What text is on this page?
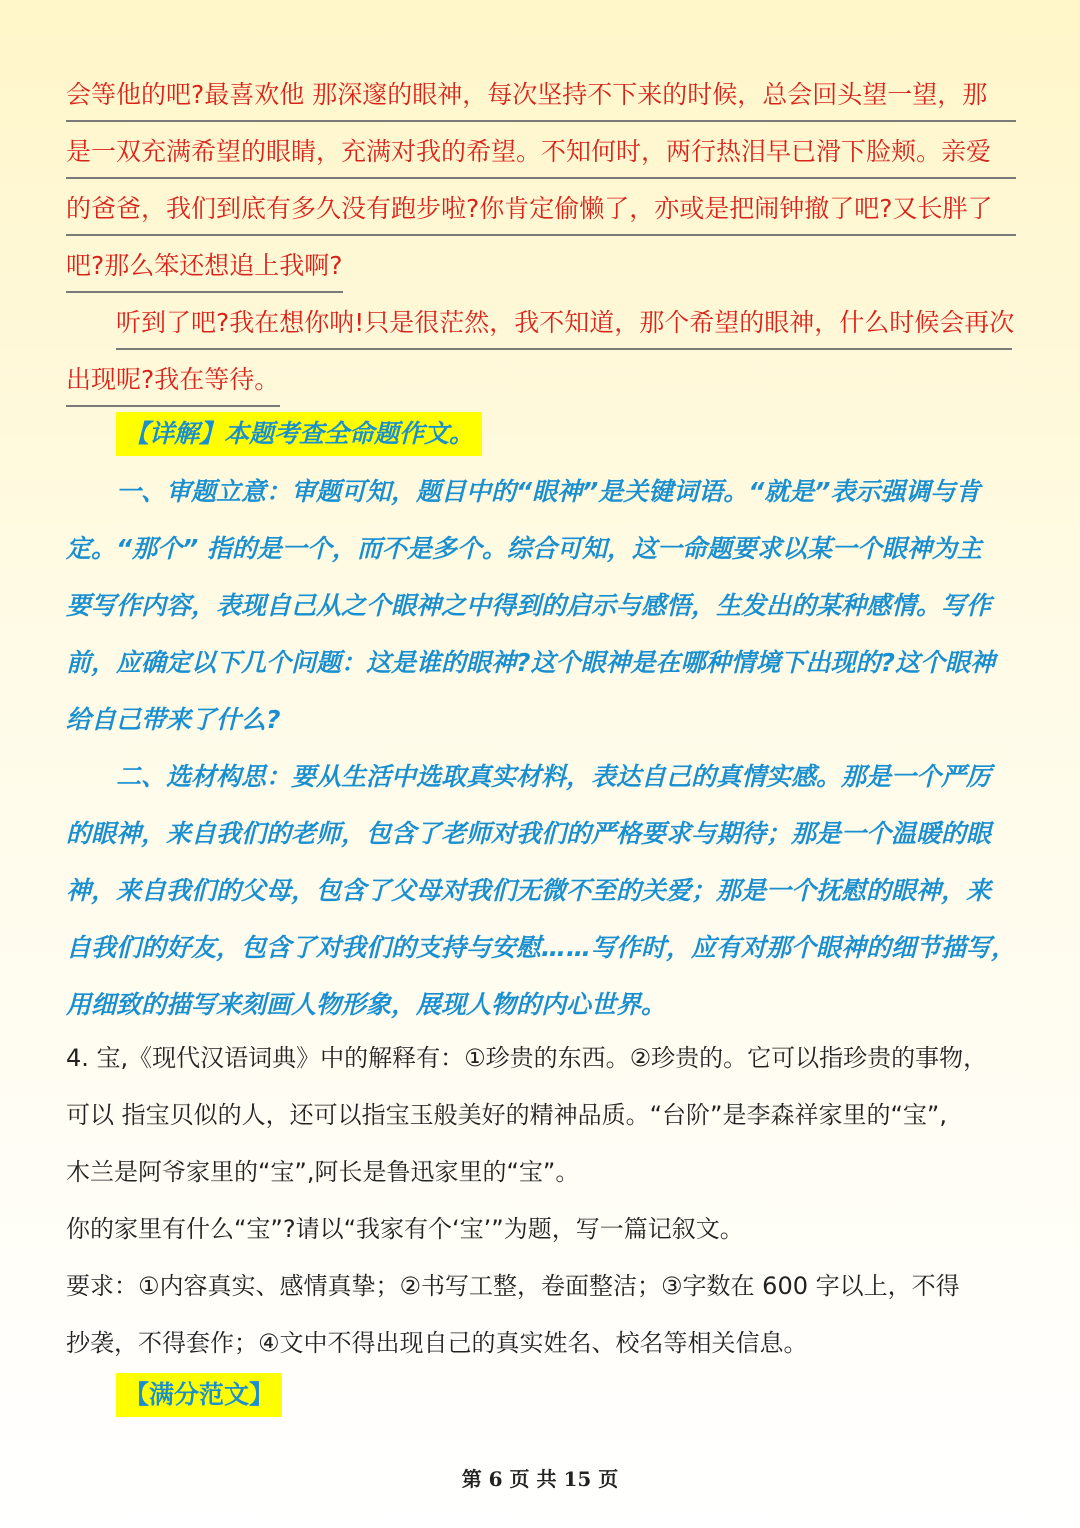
会等他的吧?最喜欢他 那深邃的眼神，每次坚持不下来的时候，总会回头望一望，那
是一双充满希望的眼睛，充满对我的希望。不知何时，两行热泪早已滑下脸颊。亲爱
的爸爸，我们到底有多久没有跑步啦?你肯定偷懒了，亦或是把闹钟撤了吧?又长胖了
吧?那么笨还想追上我啊?
听到了吧?我在想你呐!只是很茫然，我不知道，那个希望的眼神，什么时候会再次
出现呢?我在等待。
【详解】本题考查全命题作文。
一、审题立意：审题可知，题目中的“眼神”是关键词语。“就是”表示强调与肯
定。“那个” 指的是一个，而不是多个。综合可知，这一命题要求以某一个眼神为主
要写作内容，表现自己从之个眼神之中得到的启示与感悟，生发出的某种感情。写作
前，应确定以下几个问题：这是谁的眼神?这个眼神是在哪种情境下出现的?这个眼神
给自己带来了什么?
二、选材构思：要从生活中选取真实材料，表达自己的真情实感。那是一个严厉
的眼神，来自我们的老师，包含了老师对我们的严格要求与期待；那是一个温暖的眼
神，来自我们的父母，包含了父母对我们无微不至的关爱；那是一个抚慰的眼神，来
自我们的好友，包含了对我们的支持与安慰……写作时，应有对那个眼神的细节描写，
用细致的描写来刻画人物形象，展现人物的内心世界。
4. 宝,《现代汉语词典》中的解释有：①珍贵的东西。②珍贵的。它可以指珍贵的事物，
可以 指宝贝似的人，还可以指宝玉般美好的精神品质。“台阶”是李森祥家里的“宝”,
木兰是阿爷家里的“宝”,阿长是鲁迅家里的“宝”。
你的家里有什么“宝”?请以“我家有个‘宝’”为题，写一篇记叙文。
要求：①内容真实、感情真挚；②书写工整，卷面整洁；③字数在 600 字以上，不得
抄袭，不得套作；④文中不得出现自己的真实姓名、校名等相关信息。
【满分范文】
第 6 页 共 15 页
